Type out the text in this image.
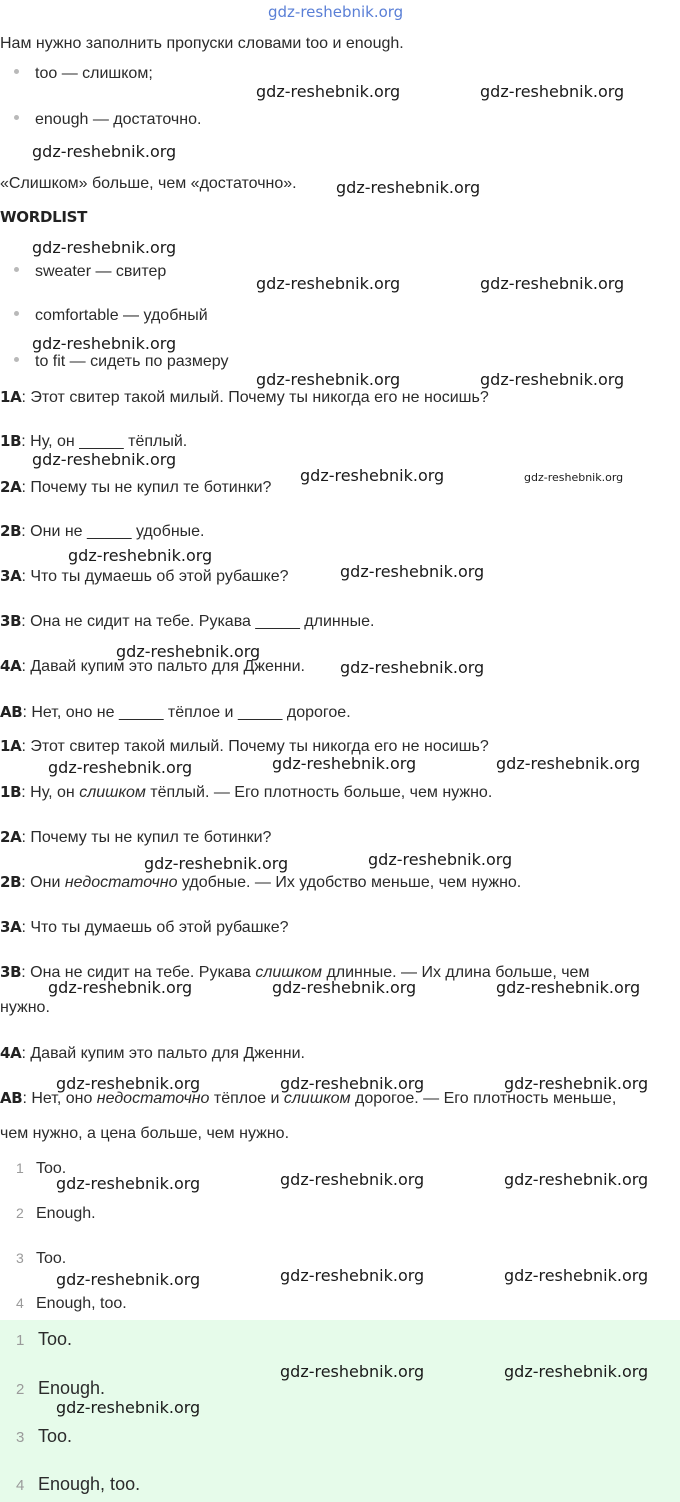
gdz-reshebnik.org
Нам нужно заполнить пропуски словами too и enough.
too — слишком;
enough — достаточно.
«Слишком» больше, чем «достаточно».
WORDLIST
sweater — свитер
comfortable — удобный
to fit — сидеть по размеру
1A: Этот свитер такой милый. Почему ты никогда его не носишь?
1B: Ну, он _____ тёплый.
2A: Почему ты не купил те ботинки?
2B: Они не _____ удобные.
3A: Что ты думаешь об этой рубашке?
3B: Она не сидит на тебе. Рукава _____ длинные.
4A: Давай купим это пальто для Дженни.
AB: Нет, оно не _____ тёплое и _____ дорогое.
1A: Этот свитер такой милый. Почему ты никогда его не носишь?
1B: Ну, он слишком тёплый. — Его плотность больше, чем нужно.
2A: Почему ты не купил те ботинки?
2B: Они недостаточно удобные. — Их удобство меньше, чем нужно.
3A: Что ты думаешь об этой рубашке?
3B: Она не сидит на тебе. Рукава слишком длинные. — Их длина больше, чем
нужно.
4A: Давай купим это пальто для Дженни.
AB: Нет, оно недостаточно тёплое и слишком дорогое. — Его плотность меньше,
чем нужно, а цена больше, чем нужно.
1 Too.
2 Enough.
3 Too.
4 Enough, too.
1 Too.
2 Enough.
3 Too.
4 Enough, too.
gdz-reshebnik.org	gdz-reshebnik.org
gdz-reshebnik.org
gdz-reshebnik.org
gdz-reshebnik.org
gdz-reshebnik.org	gdz-reshebnik.org
gdz-reshebnik.org
gdz-reshebnik.org	gdz-reshebnik.org
gdz-reshebnik.org
gdz-reshebnik.org	gdz-reshebnik.org
gdz-reshebnik.org
gdz-reshebnik.org
gdz-reshebnik.org
gdz-reshebnik.org
gdz-reshebnik.org	gdz-reshebnik.org	gdz-reshebnik.org
gdz-reshebnik.org	gdz-reshebnik.org
gdz-reshebnik.org	gdz-reshebnik.org	gdz-reshebnik.org
gdz-reshebnik.org	gdz-reshebnik.org	gdz-reshebnik.org
gdz-reshebnik.org	gdz-reshebnik.org	gdz-reshebnik.org
gdz-reshebnik.org	gdz-reshebnik.org	gdz-reshebnik.org
gdz-reshebnik.org	gdz-reshebnik.org
gdz-reshebnik.org
